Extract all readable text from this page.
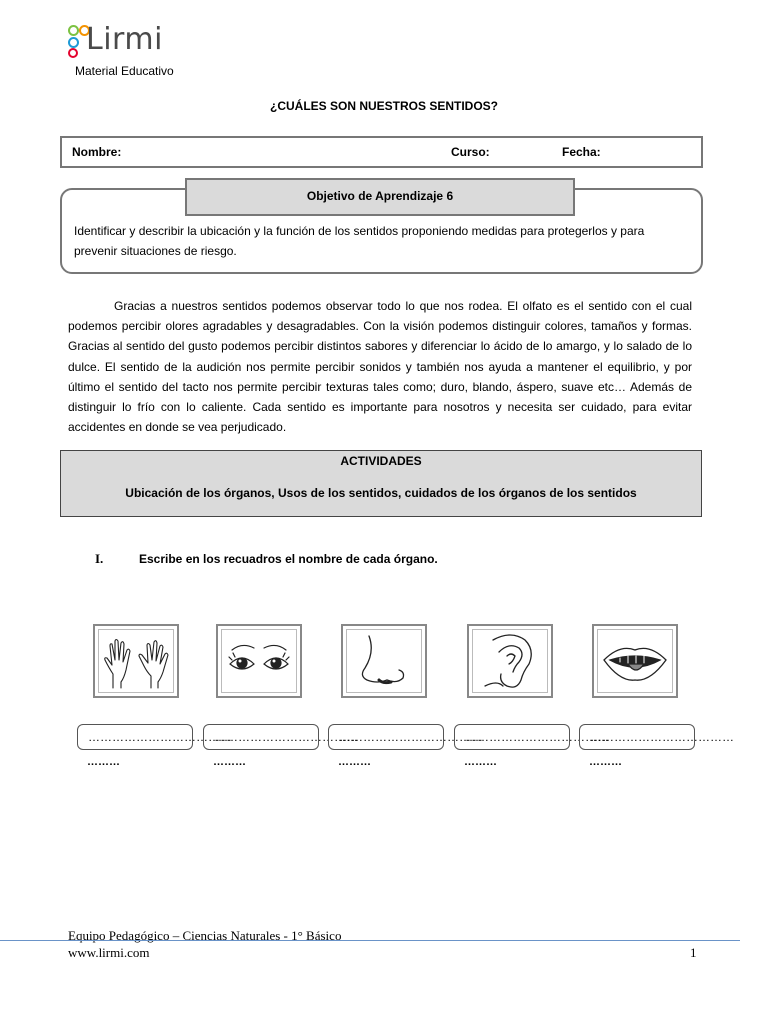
Lirmi
Material Educativo
¿CUÁLES SON NUESTROS SENTIDOS?
Nombre:	Curso:	Fecha:
Objetivo de Aprendizaje 6
Identificar y describir la ubicación y la función de los sentidos proponiendo medidas para protegerlos y para prevenir situaciones de riesgo.
Gracias a nuestros sentidos podemos observar todo lo que nos rodea. El olfato es el sentido con el cual podemos percibir olores agradables y desagradables. Con la visión podemos distinguir colores, tamaños y formas. Gracias al sentido del gusto podemos percibir distintos sabores y diferenciar lo ácido de lo amargo, y lo salado de lo dulce. El sentido de la audición nos permite percibir sonidos y también nos ayuda a mantener el equilibrio, y por último el sentido del tacto nos permite percibir texturas tales como; duro, blando, áspero, suave etc… Además de distinguir lo frío con lo caliente. Cada sentido es importante para nosotros y necesita ser cuidado, para evitar accidentes en donde se vea perjudicado.
ACTIVIDADES
Ubicación de los órganos, Usos de los sentidos, cuidados de los órganos de los sentidos
I.	Escribe en los recuadros el nombre de cada órgano.
………………………………
………………………………
………………………………
………………………………
………………………………
………	………	………	………	………
Equipo Pedagógico – Ciencias Naturales - 1° Básico
www.lirmi.com	1
